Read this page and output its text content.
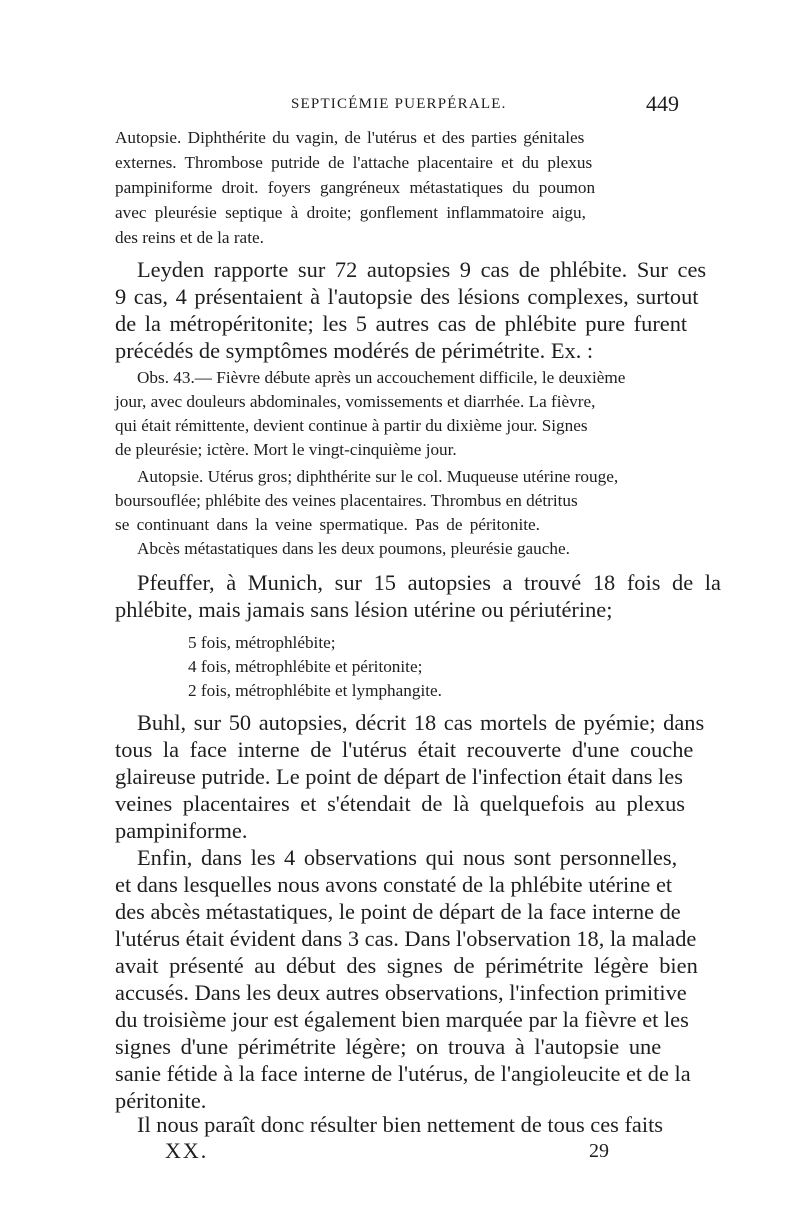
SEPTICÉMIE PUERPÉRALE.	449
Autopsie. Diphthérite du vagin, de l'utérus et des parties génitales
externes. Thrombose putride de l'attache placentaire et du plexus
pampiniforme droit. foyers gangréneux métastatiques du poumon
avec pleurésie septique à droite; gonflement inflammatoire aigu,
des reins et de la rate.
Leyden rapporte sur 72 autopsies 9 cas de phlébite. Sur ces
9 cas, 4 présentaient à l'autopsie des lésions complexes, surtout
de la métropéritonite; les 5 autres cas de phlébite pure furent
précédés de symptômes modérés de périmétrite. Ex. :
Obs. 43.— Fièvre débute après un accouchement difficile, le deuxième
jour, avec douleurs abdominales, vomissements et diarrhée. La fièvre,
qui était rémittente, devient continue à partir du dixième jour. Signes
de pleurésie; ictère. Mort le vingt-cinquième jour.
Autopsie. Utérus gros; diphthérite sur le col. Muqueuse utérine rouge,
boursouflée; phlébite des veines placentaires. Thrombus en détritus
se continuant dans la veine spermatique. Pas de péritonite.
Abcès métastatiques dans les deux poumons, pleurésie gauche.
Pfeuffer, à Munich, sur 15 autopsies a trouvé 18 fois de la
phlébite, mais jamais sans lésion utérine ou périutérine;
5 fois, métrophlébite;
4 fois, métrophlébite et péritonite;
2 fois, métrophlébite et lymphangite.
Buhl, sur 50 autopsies, décrit 18 cas mortels de pyémie; dans
tous la face interne de l'utérus était recouverte d'une couche
glaireuse putride. Le point de départ de l'infection était dans les
veines placentaires et s'étendait de là quelquefois au plexus
pampiniforme.
Enfin, dans les 4 observations qui nous sont personnelles,
et dans lesquelles nous avons constaté de la phlébite utérine et
des abcès métastatiques, le point de départ de la face interne de
l'utérus était évident dans 3 cas. Dans l'observation 18, la malade
avait présenté au début des signes de périmétrite légère bien
accusés. Dans les deux autres observations, l'infection primitive
du troisième jour est également bien marquée par la fièvre et les
signes d'une périmétrite légère; on trouva à l'autopsie une
sanie fétide à la face interne de l'utérus, de l'angioleucite et de la
péritonite.
Il nous paraît donc résulter bien nettement de tous ces faits
XX.	29
